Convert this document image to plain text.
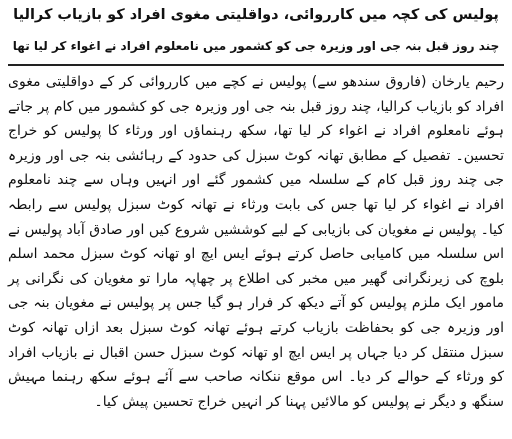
پولیس کی کچہ میں کارروائی، دواقلیتی مغوی افراد کو بازیاب کرالیا
چند روز قبل بنہ جی اور وزیرہ جی کو کشمور میں نامعلوم افراد نے اغواء کر لیا تھا
رحیم یارخان (فاروق سندھو سے) پولیس نے کچے میں کارروائی کر کے دواقلیتی مغوی افراد کو بازیاب کرالیا، چند روز قبل بنہ جی اور وزیرہ جی کو کشمور میں کام پر جاتے ہوئے نامعلوم افراد نے اغواء کر لیا تھا، سکھ رہنماؤں اور ورثاء کا پولیس کو خراج تحسین۔ تفصیل کے مطابق تھانہ کوٹ سبزل کی حدود کے رہائشی بنہ جی اور وزیرہ جی چند روز قبل کام کے سلسلہ میں کشمور گئے اور انہیں وہاں سے چند نامعلوم افراد نے اغواء کر لیا تھا جس کی بابت ورثاء نے تھانہ کوٹ سبزل پولیس سے رابطہ کیا۔ پولیس نے مغویان کی بازیابی کے لیے کوششیں شروع کیں اور صادق آباد پولیس نے اس سلسلہ میں کامیابی حاصل کرتے ہوئے ایس ایچ او تھانہ کوٹ سبزل محمد اسلم بلوچ کی زیرنگرانی گھیر میں مخبر کی اطلاع پر چھاپہ مارا تو مغویان کی نگرانی پر مامور ایک ملزم پولیس کو آتے دیکھ کر فرار ہو گیا جس پر پولیس نے مغویان بنہ جی اور وزیرہ جی کو بحفاظت بازیاب کرتے ہوئے تھانہ کوٹ سبزل بعد ازاں تھانہ کوٹ سبزل منتقل کر دیا جہاں پر ایس ایچ او تھانہ کوٹ سبزل حسن اقبال نے بازیاب افراد کو ورثاء کے حوالے کر دیا۔ اس موقع ننکانہ صاحب سے آئے ہوئے سکھ رہنما مہیش سنگھ و دیگر نے پولیس کو مالائیں پہنا کر انہیں خراج تحسین پیش کیا۔
